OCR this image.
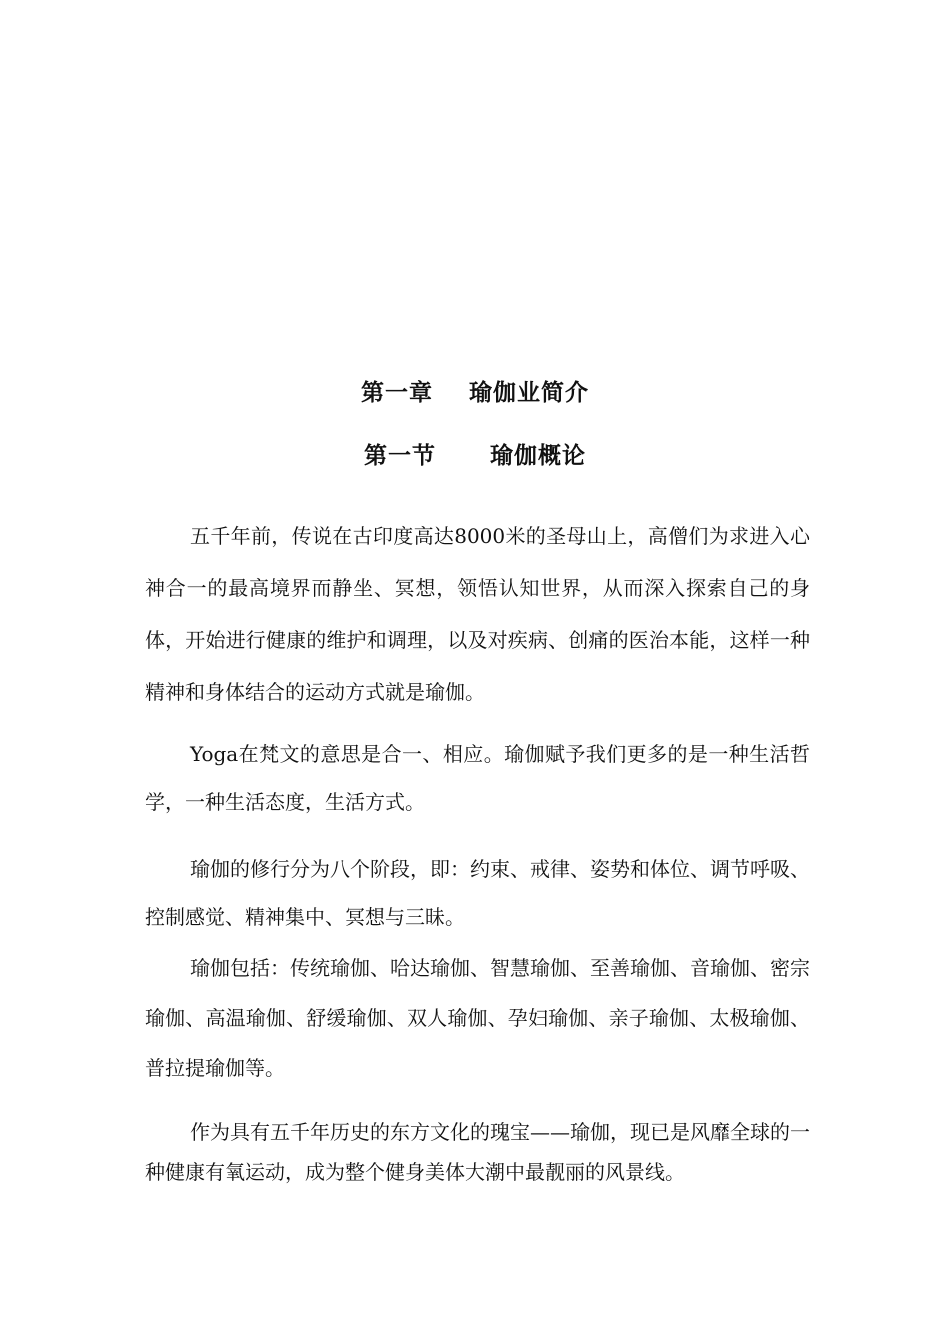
第一章    瑜伽业简介
第一节      瑜伽概论

五千年前，传说在古印度高达8000米的圣母山上，高僧们为求进入心神合一的最高境界而静坐、冥想，领悟认知世界，从而深入探索自己的身体，开始进行健康的维护和调理，以及对疾病、创痛的医治本能，这样一种精神和身体结合的运动方式就是瑜伽。

Yoga在梵文的意思是合一、相应。瑜伽赋予我们更多的是一种生活哲学，一种生活态度，生活方式。

瑜伽的修行分为八个阶段，即：约束、戒律、姿势和体位、调节呼吸、控制感觉、精神集中、冥想与三昧。

瑜伽包括：传统瑜伽、哈达瑜伽、智慧瑜伽、至善瑜伽、音瑜伽、密宗瑜伽、高温瑜伽、舒缓瑜伽、双人瑜伽、孕妇瑜伽、亲子瑜伽、太极瑜伽、普拉提瑜伽等。

作为具有五千年历史的东方文化的瑰宝——瑜伽，现已是风靡全球的一种健康有氧运动，成为整个健身美体大潮中最靓丽的风景线。
